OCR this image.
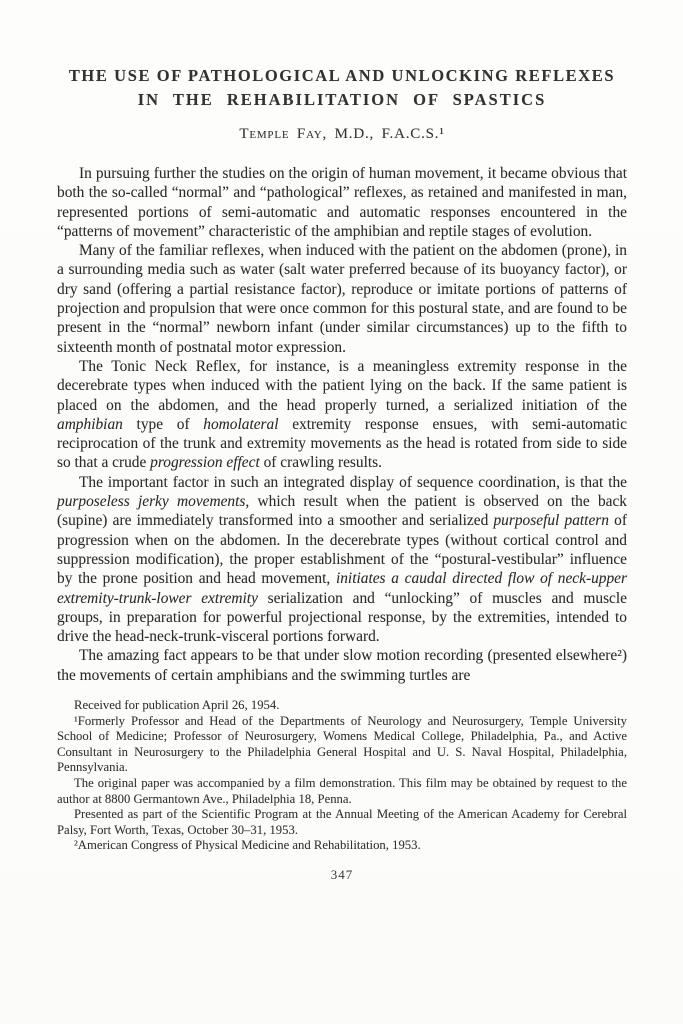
THE USE OF PATHOLOGICAL AND UNLOCKING REFLEXES
IN THE REHABILITATION OF SPASTICS
Temple Fay, M.D., F.A.C.S.¹

In pursuing further the studies on the origin of human movement, it became obvious that both the so-called “normal” and “pathological” reflexes, as retained and manifested in man, represented portions of semi-automatic and automatic responses encountered in the “patterns of movement” characteristic of the amphibian and reptile stages of evolution.

Many of the familiar reflexes, when induced with the patient on the abdomen (prone), in a surrounding media such as water (salt water preferred because of its buoyancy factor), or dry sand (offering a partial resistance factor), reproduce or imitate portions of patterns of projection and propulsion that were once common for this postural state, and are found to be present in the “normal” newborn infant (under similar circumstances) up to the fifth to sixteenth month of postnatal motor expression.

The Tonic Neck Reflex, for instance, is a meaningless extremity response in the decerebrate types when induced with the patient lying on the back. If the same patient is placed on the abdomen, and the head properly turned, a serialized initiation of the amphibian type of homolateral extremity response ensues, with semi-automatic reciprocation of the trunk and extremity movements as the head is rotated from side to side so that a crude progression effect of crawling results.

The important factor in such an integrated display of sequence coordination, is that the purposeless jerky movements, which result when the patient is observed on the back (supine) are immediately transformed into a smoother and serialized purposeful pattern of progression when on the abdomen. In the decerebrate types (without cortical control and suppression modification), the proper establishment of the “postural-vestibular” influence by the prone position and head movement, initiates a caudal directed flow of neck-upper extremity-trunk-lower extremity serialization and “unlocking” of muscles and muscle groups, in preparation for powerful projectional response, by the extremities, intended to drive the head-neck-trunk-visceral portions forward.

The amazing fact appears to be that under slow motion recording (presented elsewhere²) the movements of certain amphibians and the swimming turtles are

Received for publication April 26, 1954.

¹Formerly Professor and Head of the Departments of Neurology and Neurosurgery, Temple University School of Medicine; Professor of Neurosurgery, Womens Medical College, Philadelphia, Pa., and Active Consultant in Neurosurgery to the Philadelphia General Hospital and U. S. Naval Hospital, Philadelphia, Pennsylvania.

The original paper was accompanied by a film demonstration. This film may be obtained by request to the author at 8800 Germantown Ave., Philadelphia 18, Penna.

Presented as part of the Scientific Program at the Annual Meeting of the American Academy for Cerebral Palsy, Fort Worth, Texas, October 30–31, 1953.

²American Congress of Physical Medicine and Rehabilitation, 1953.

347
